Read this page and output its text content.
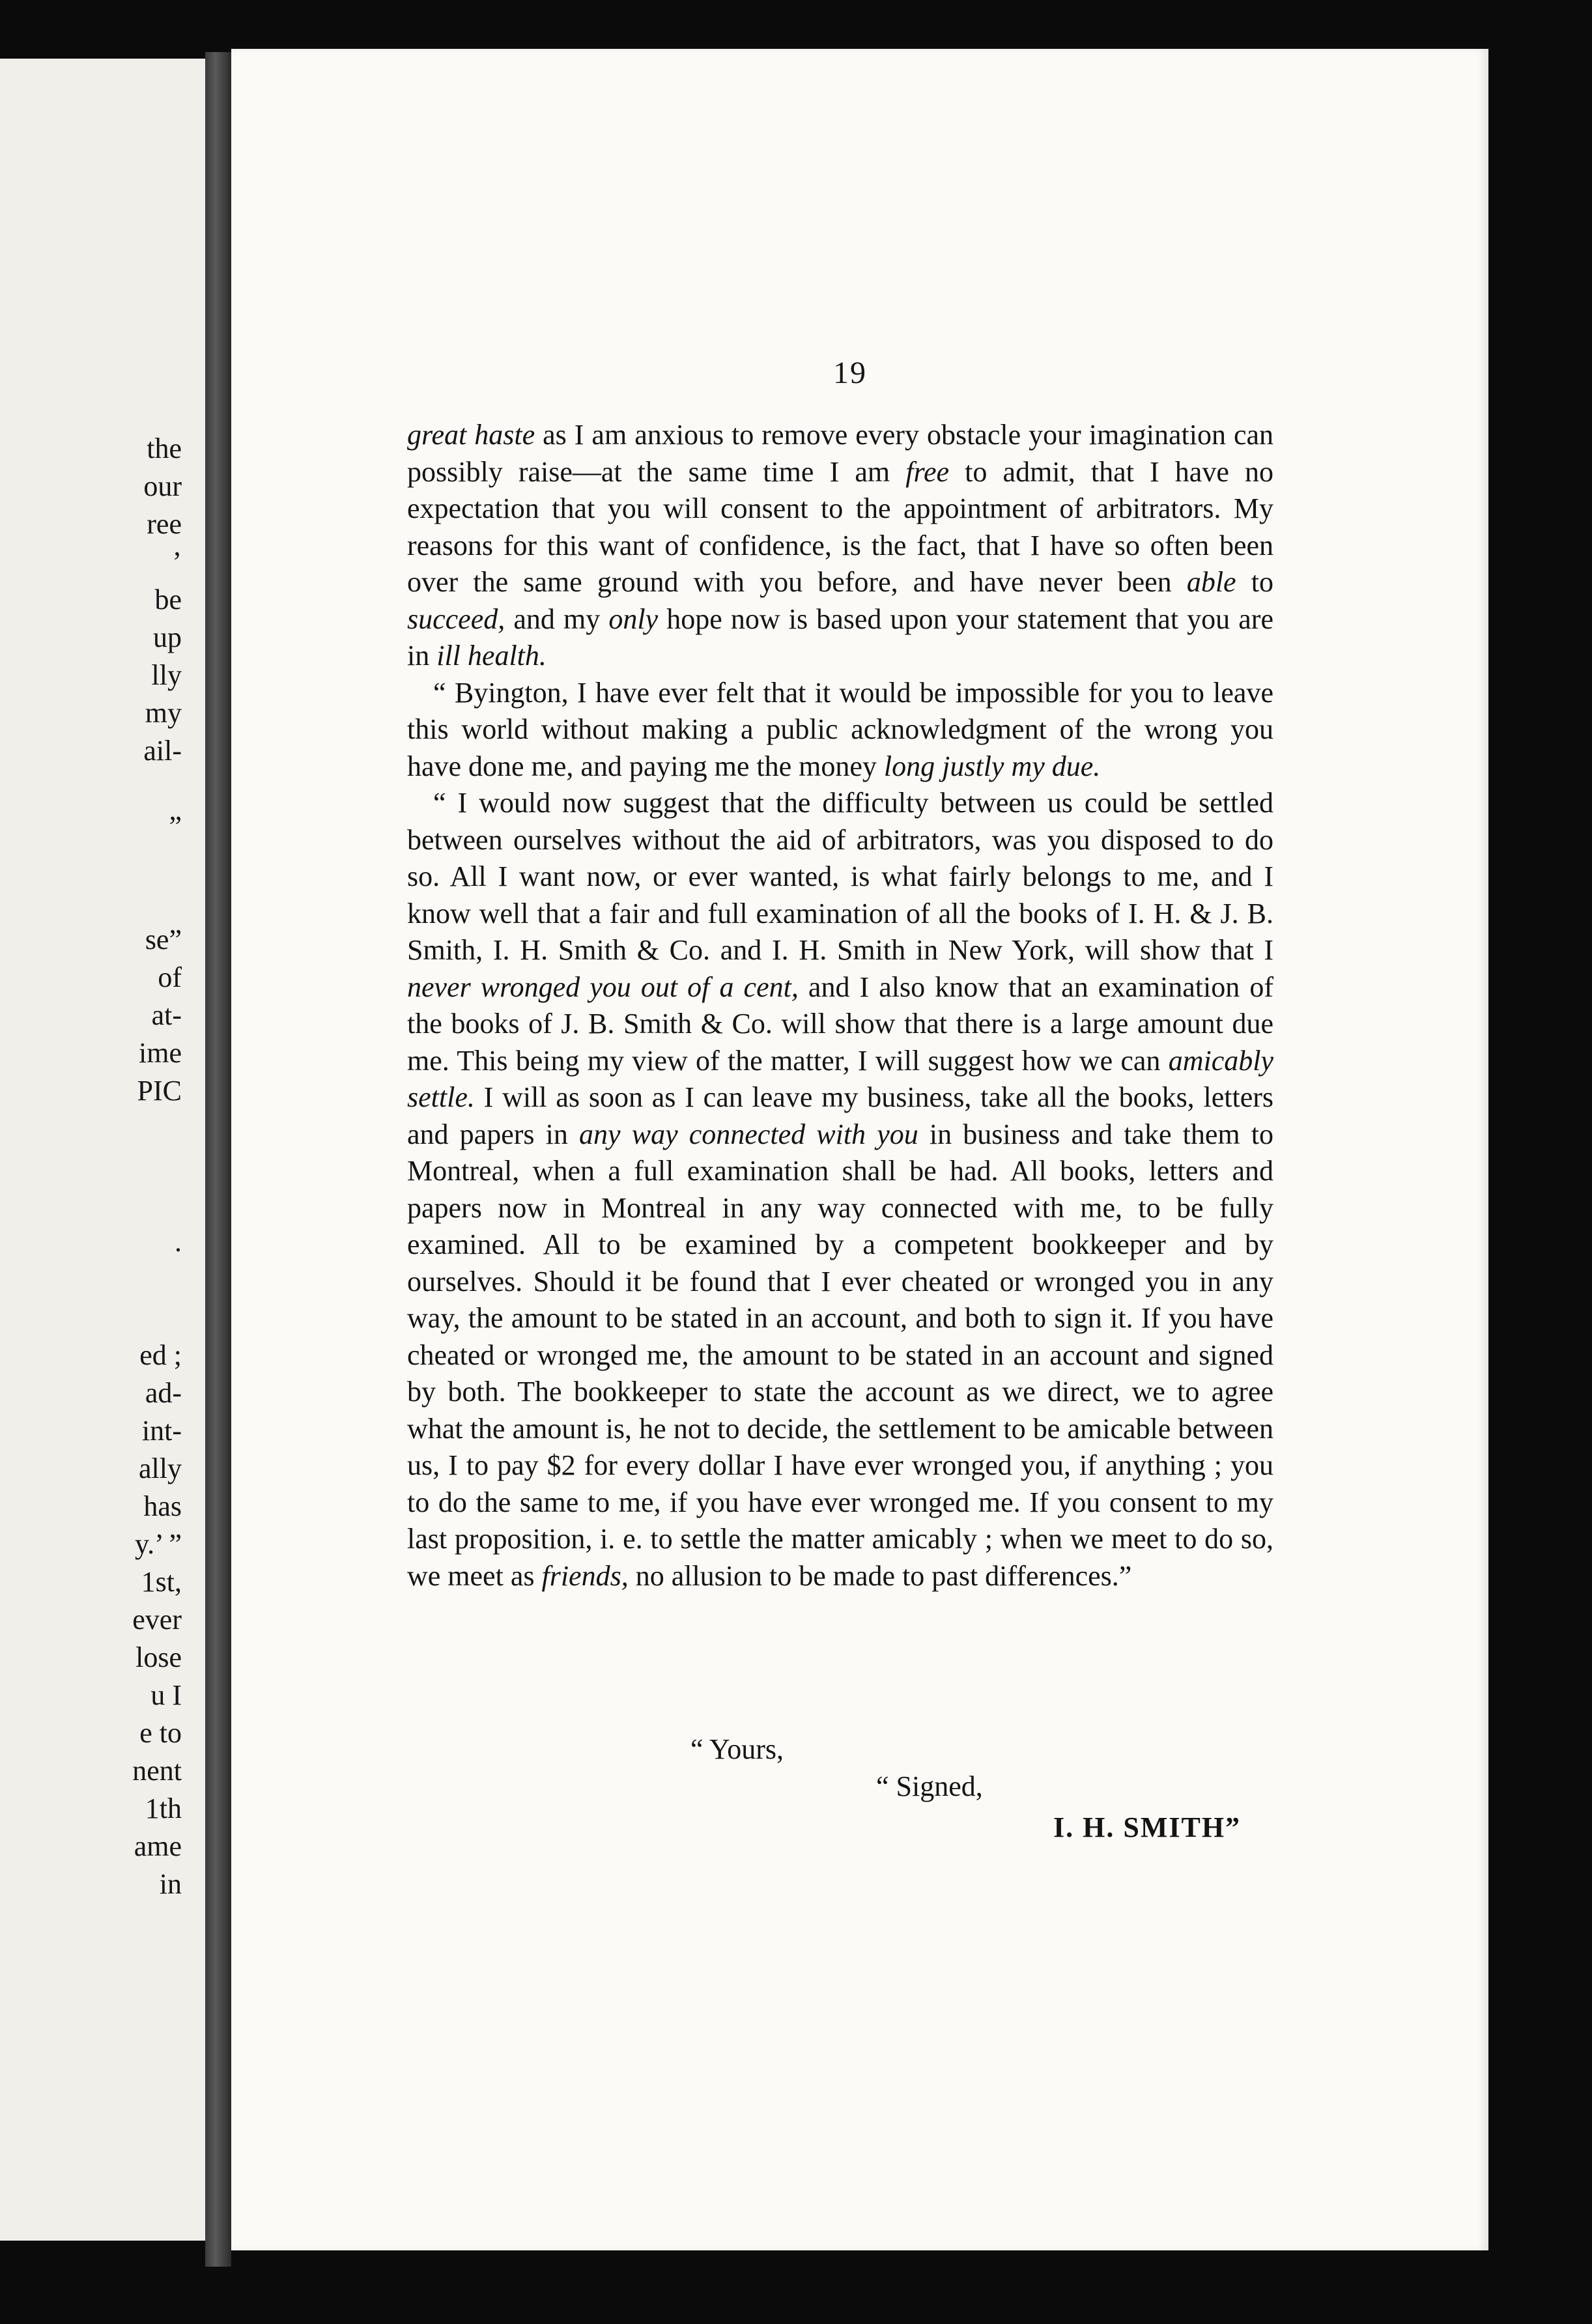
the
our
ree
’
be
up
lly
my
ail-
”
se”
of
at-
ime
PIC
.
ed ;
ad-
int-
ally
has
y.’ ”
1st,
ever
lose
u I
e to
nent
1th
ame
in
19

great haste as I am anxious to remove every obstacle your imagination can possibly raise—at the same time I am free to admit, that I have no expectation that you will consent to the appointment of arbitrators. My reasons for this want of confidence, is the fact, that I have so often been over the same ground with you before, and have never been able to succeed, and my only hope now is based upon your statement that you are in ill health.

“ Byington, I have ever felt that it would be impossible for you to leave this world without making a public acknowledgment of the wrong you have done me, and paying me the money long justly my due.

“ I would now suggest that the difficulty between us could be settled between ourselves without the aid of arbitrators, was you disposed to do so. All I want now, or ever wanted, is what fairly belongs to me, and I know well that a fair and full examination of all the books of I. H. & J. B. Smith, I. H. Smith & Co. and I. H. Smith in New York, will show that I never wronged you out of a cent, and I also know that an examination of the books of J. B. Smith & Co. will show that there is a large amount due me. This being my view of the matter, I will suggest how we can amicably settle. I will as soon as I can leave my business, take all the books, letters and papers in any way connected with you in business and take them to Montreal, when a full examination shall be had. All books, letters and papers now in Montreal in any way connected with me, to be fully examined. All to be examined by a competent bookkeeper and by ourselves. Should it be found that I ever cheated or wronged you in any way, the amount to be stated in an account, and both to sign it. If you have cheated or wronged me, the amount to be stated in an account and signed by both. The bookkeeper to state the account as we direct, we to agree what the amount is, he not to decide, the settlement to be amicable between us, I to pay $2 for every dollar I have ever wronged you, if anything ; you to do the same to me, if you have ever wronged me. If you consent to my last proposition, i. e. to settle the matter amicably ; when we meet to do so, we meet as friends, no allusion to be made to past differences.”

“ Yours,
“ Signed,
I. H. SMITH”
